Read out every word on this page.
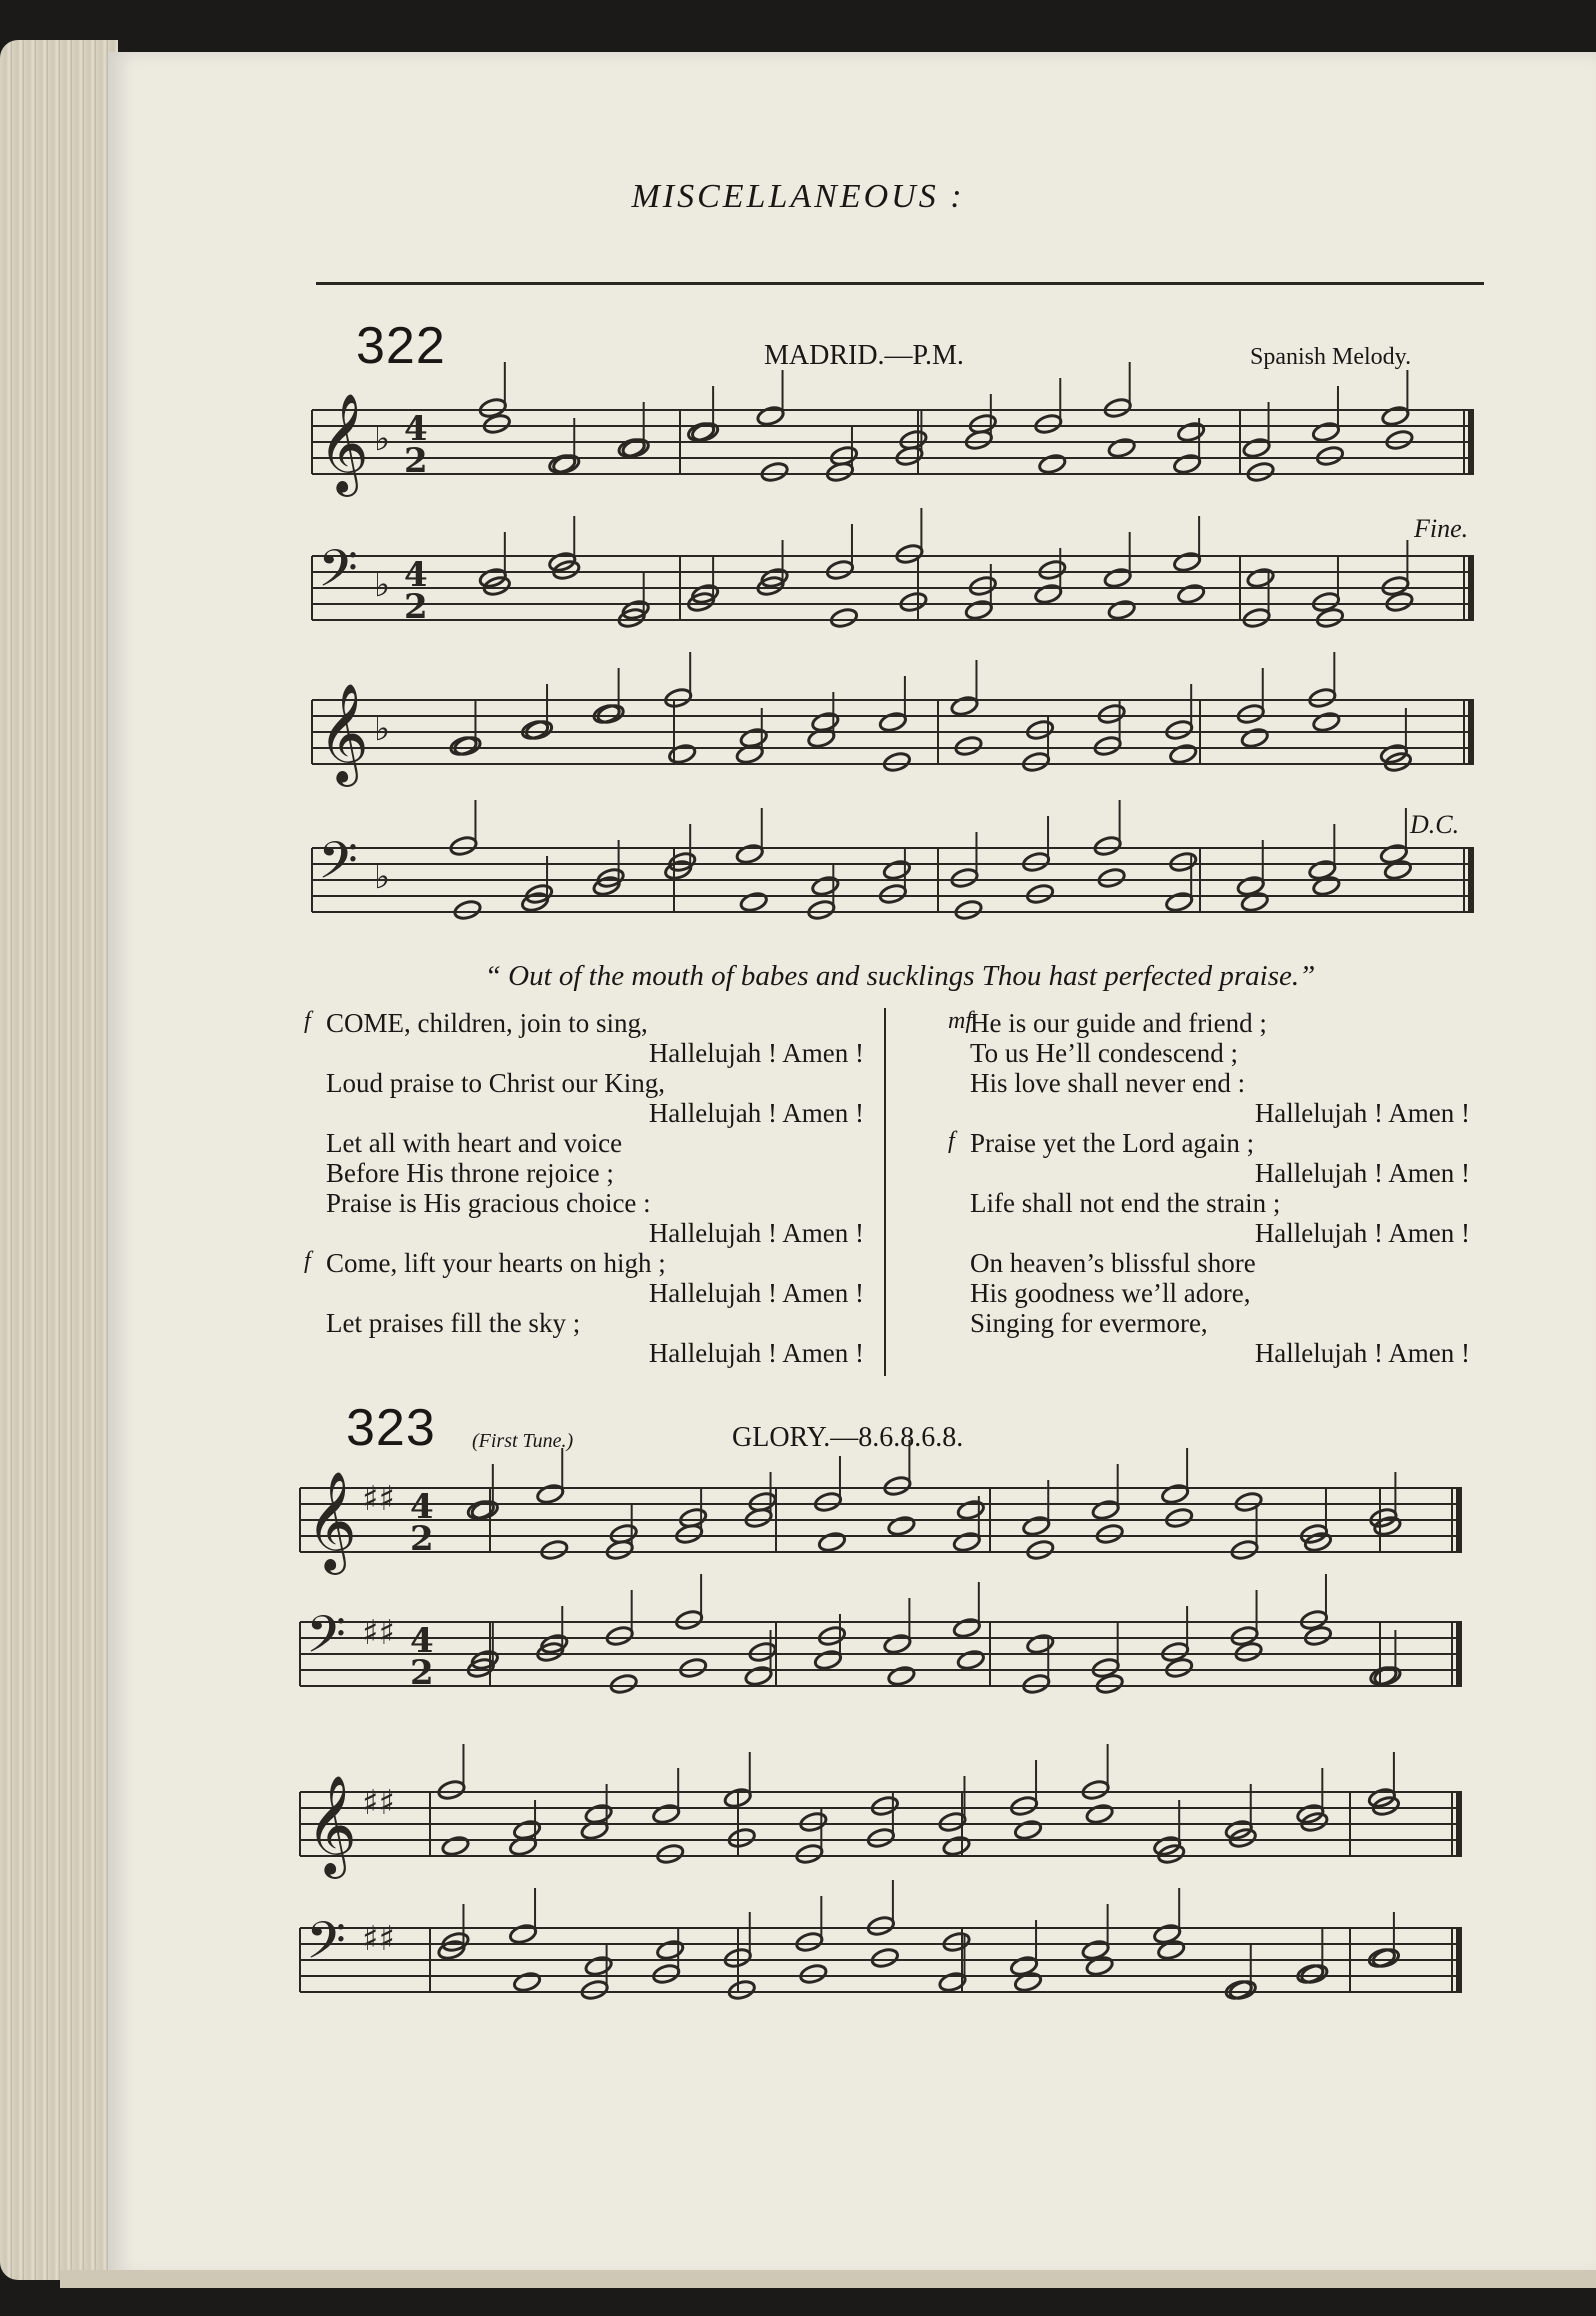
MISCELLANEOUS :
322	MADRID.—P.M.	Spanish Melody.
Fine.
D.C.
323 (First Tune.)	GLORY.—8.6.8.6.8.
𝄞 ♭ 4
2
𝄢 ♭ 4
2
𝄞 ♭
𝄢 ♭
𝄞 ♯♯ 4
2
𝄢 ♯♯ 4
2
𝄞 ♯♯
𝄢 ♯♯
“ Out of the mouth of babes and sucklings Thou hast perfected praise.”
f COME, children, join to sing,
Hallelujah ! Amen !
Loud praise to Christ our King,
Hallelujah ! Amen !
Let all with heart and voice
Before His throne rejoice ;
Praise is His gracious choice :
Hallelujah ! Amen !
f Come, lift your hearts on high ;
Hallelujah ! Amen !
Let praises fill the sky ;
Hallelujah ! Amen !
mf
He is our guide and friend ;
To us He’ll condescend ;
His love shall never end :
Hallelujah ! Amen !
f Praise yet the Lord again ;
Hallelujah ! Amen !
Life shall not end the strain ;
Hallelujah ! Amen !
On heaven’s blissful shore
His goodness we’ll adore,
Singing for evermore,
Hallelujah ! Amen !
